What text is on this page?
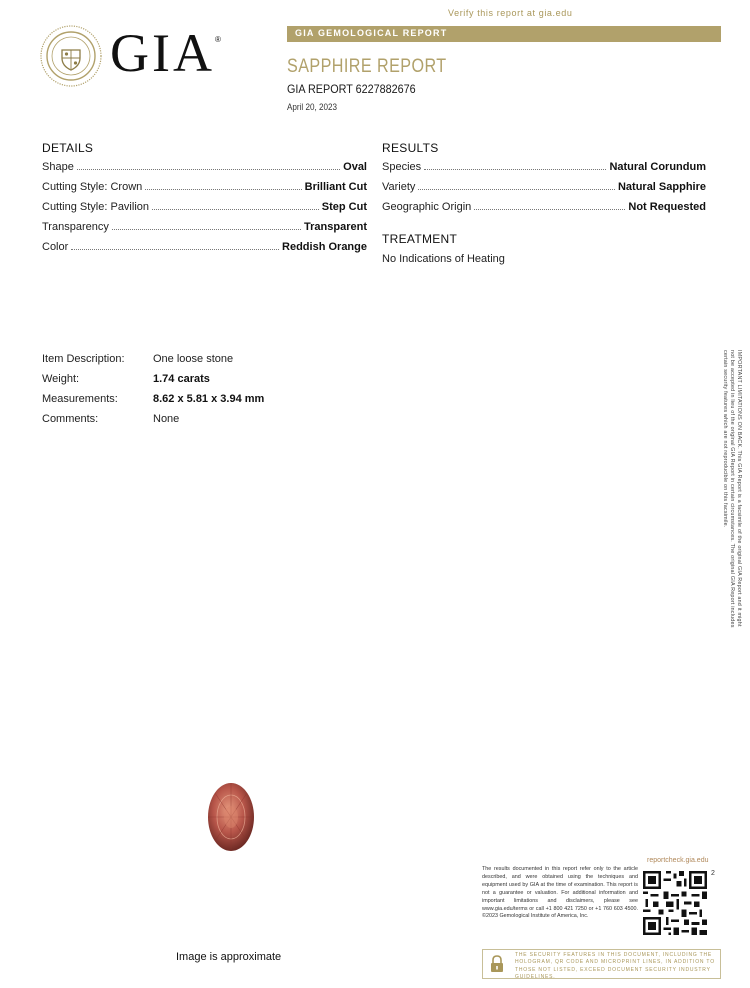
Verify this report at gia.edu
GIA ®
GIA GEMOLOGICAL REPORT
SAPPHIRE REPORT
GIA REPORT 6227882676
April 20, 2023
DETAILS
Shape	Oval
Cutting Style: Crown	Brilliant Cut
Cutting Style: Pavilion	Step Cut
Transparency	Transparent
Color	Reddish Orange
RESULTS
Species	Natural Corundum
Variety	Natural Sapphire
Geographic Origin	Not Requested
TREATMENT
No Indications of Heating
Item Description:	One loose stone
Weight:	1.74 carats
Measurements:	8.62 x 5.81 x 3.94 mm
Comments:	None	IMPORTANT LIMITATIONS ON BACK. This GIA Report is a facsimile of the original GIA Report and it might not be accepted in lieu of the original GIA Report in certain circumstances. The original GIA Report includes certain security features which are not reproducible on this facsimile.
Image is approximate
reportcheck.gia.edu
The results documented in this report refer only to the article described, and were obtained using the techniques and equipment used by GIA at the time of examination. This report is not a guarantee or valuation. For additional information and important limitations and disclaimers, please see www.gia.edu/terms or call +1 800 421 7250 or +1 760 603 4500. ©2023 Gemological Institute of America, Inc.
2
THE SECURITY FEATURES IN THIS DOCUMENT, INCLUDING THE HOLOGRAM, QR CODE AND MICROPRINT LINES, IN ADDITION TO THOSE NOT LISTED, EXCEED DOCUMENT SECURITY INDUSTRY GUIDELINES.
